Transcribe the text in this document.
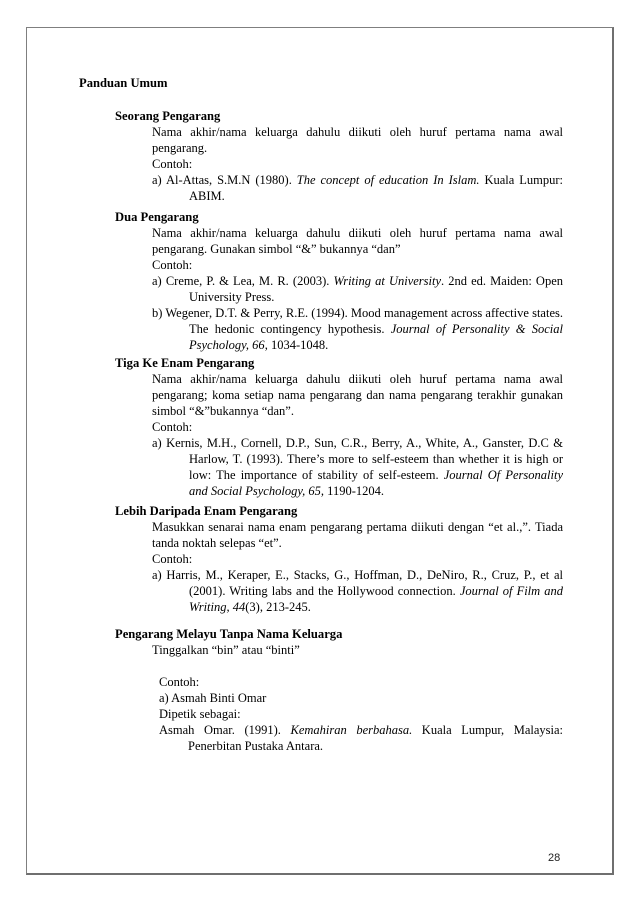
Panduan Umum
Seorang Pengarang

Nama akhir/nama keluarga dahulu diikuti oleh huruf pertama nama awal pengarang.

Contoh:

a) Al-Attas, S.M.N (1980). The concept of education In Islam. Kuala Lumpur: ABIM.

Dua Pengarang

Nama akhir/nama keluarga dahulu diikuti oleh huruf pertama nama awal pengarang. Gunakan simbol “&” bukannya “dan”

Contoh:

a) Creme, P. & Lea, M. R. (2003). Writing at University. 2nd ed. Maiden: Open University Press.

b) Wegener, D.T. & Perry, R.E. (1994). Mood management across affective states. The hedonic contingency hypothesis. Journal of Personality & Social Psychology, 66, 1034-1048.

Tiga Ke Enam Pengarang

Nama akhir/nama keluarga dahulu diikuti oleh huruf pertama nama awal pengarang; koma setiap nama pengarang dan nama pengarang terakhir gunakan simbol “&”bukannya “dan”.

Contoh:

a) Kernis, M.H., Cornell, D.P., Sun, C.R., Berry, A., White, A., Ganster, D.C & Harlow, T. (1993). There’s more to self-esteem than whether it is high or low: The importance of stability of self-esteem. Journal Of Personality and Social Psychology, 65, 1190-1204.

Lebih Daripada Enam Pengarang

Masukkan senarai nama enam pengarang pertama diikuti dengan “et al.,”. Tiada tanda noktah selepas “et”.

Contoh:

a) Harris, M., Keraper, E., Stacks, G., Hoffman, D., DeNiro, R., Cruz, P., et al (2001). Writing labs and the Hollywood connection. Journal of Film and Writing, 44(3), 213-245.

Pengarang Melayu Tanpa Nama Keluarga

Tinggalkan “bin” atau “binti”

Contoh:

a) Asmah Binti Omar

Dipetik sebagai:

Asmah Omar. (1991). Kemahiran berbahasa. Kuala Lumpur, Malaysia: Penerbitan Pustaka Antara.

28
